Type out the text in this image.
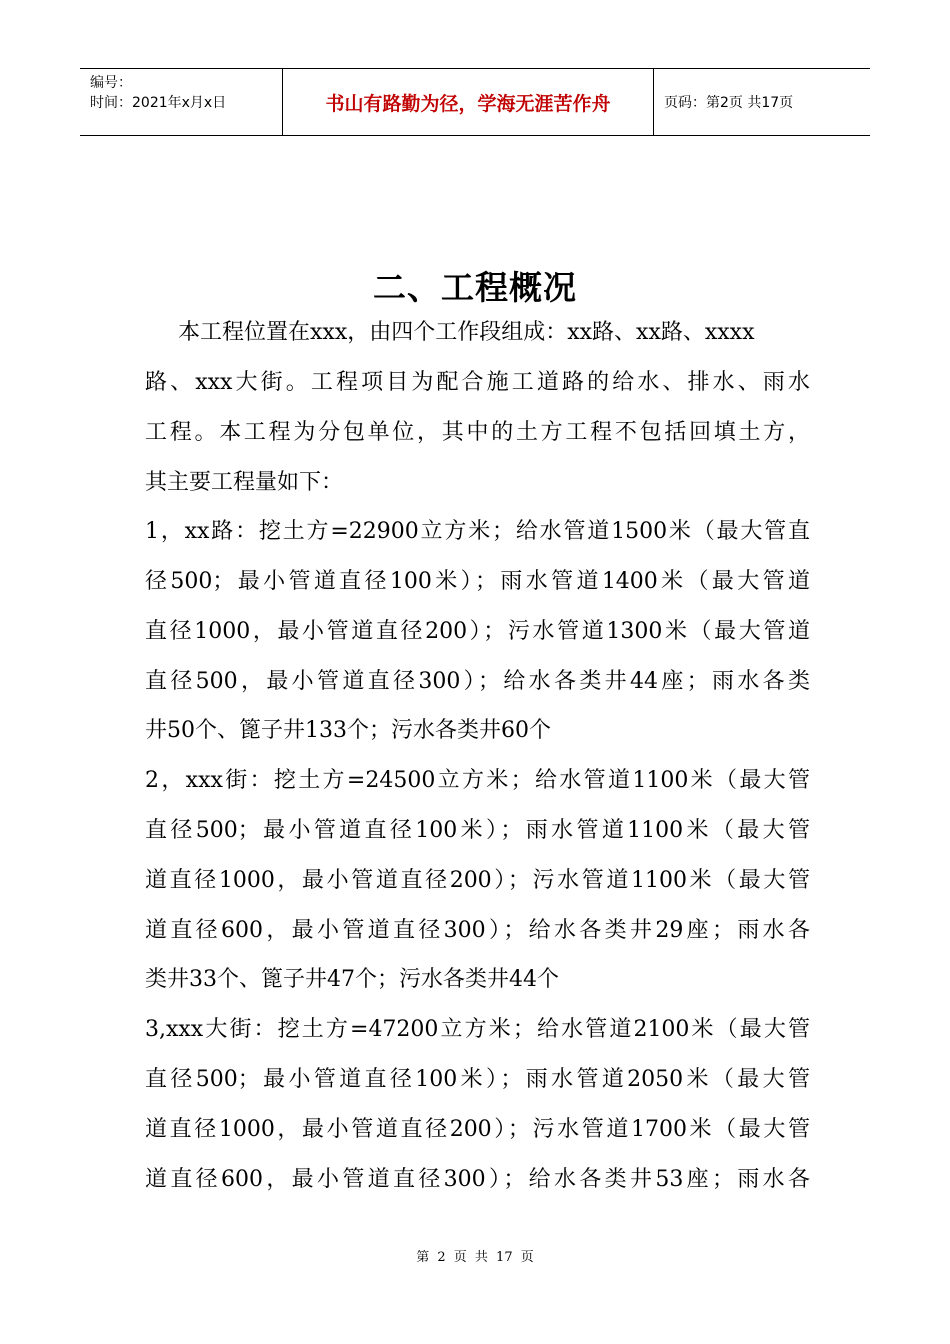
编号：
时间：2021年x月x日	书山有路勤为径，学海无涯苦作舟	页码：第2页 共17页
二、工程概况
本工程位置在xxx，由四个工作段组成：xx路、xx路、xxxx
路、xxx大街。工程项目为配合施工道路的给水、排水、雨水
工程。本工程为分包单位，其中的土方工程不包括回填土方，
其主要工程量如下：
1，xx路：挖土方=22900立方米；给水管道1500米（最大管直
径500；最小管道直径100米）；雨水管道1400米（最大管道
直径1000，最小管道直径200）；污水管道1300米（最大管道
直径500，最小管道直径300）；给水各类井44座；雨水各类
井50个、篦子井133个；污水各类井60个
2，xxx街：挖土方=24500立方米；给水管道1100米（最大管
直径500；最小管道直径100米）；雨水管道1100米（最大管
道直径1000，最小管道直径200）；污水管道1100米（最大管
道直径600，最小管道直径300）；给水各类井29座；雨水各
类井33个、篦子井47个；污水各类井44个
3,xxx大街：挖土方=47200立方米；给水管道2100米（最大管
直径500；最小管道直径100米）；雨水管道2050米（最大管
道直径1000，最小管道直径200）；污水管道1700米（最大管
道直径600，最小管道直径300）；给水各类井53座；雨水各
第 2 页 共 17 页
